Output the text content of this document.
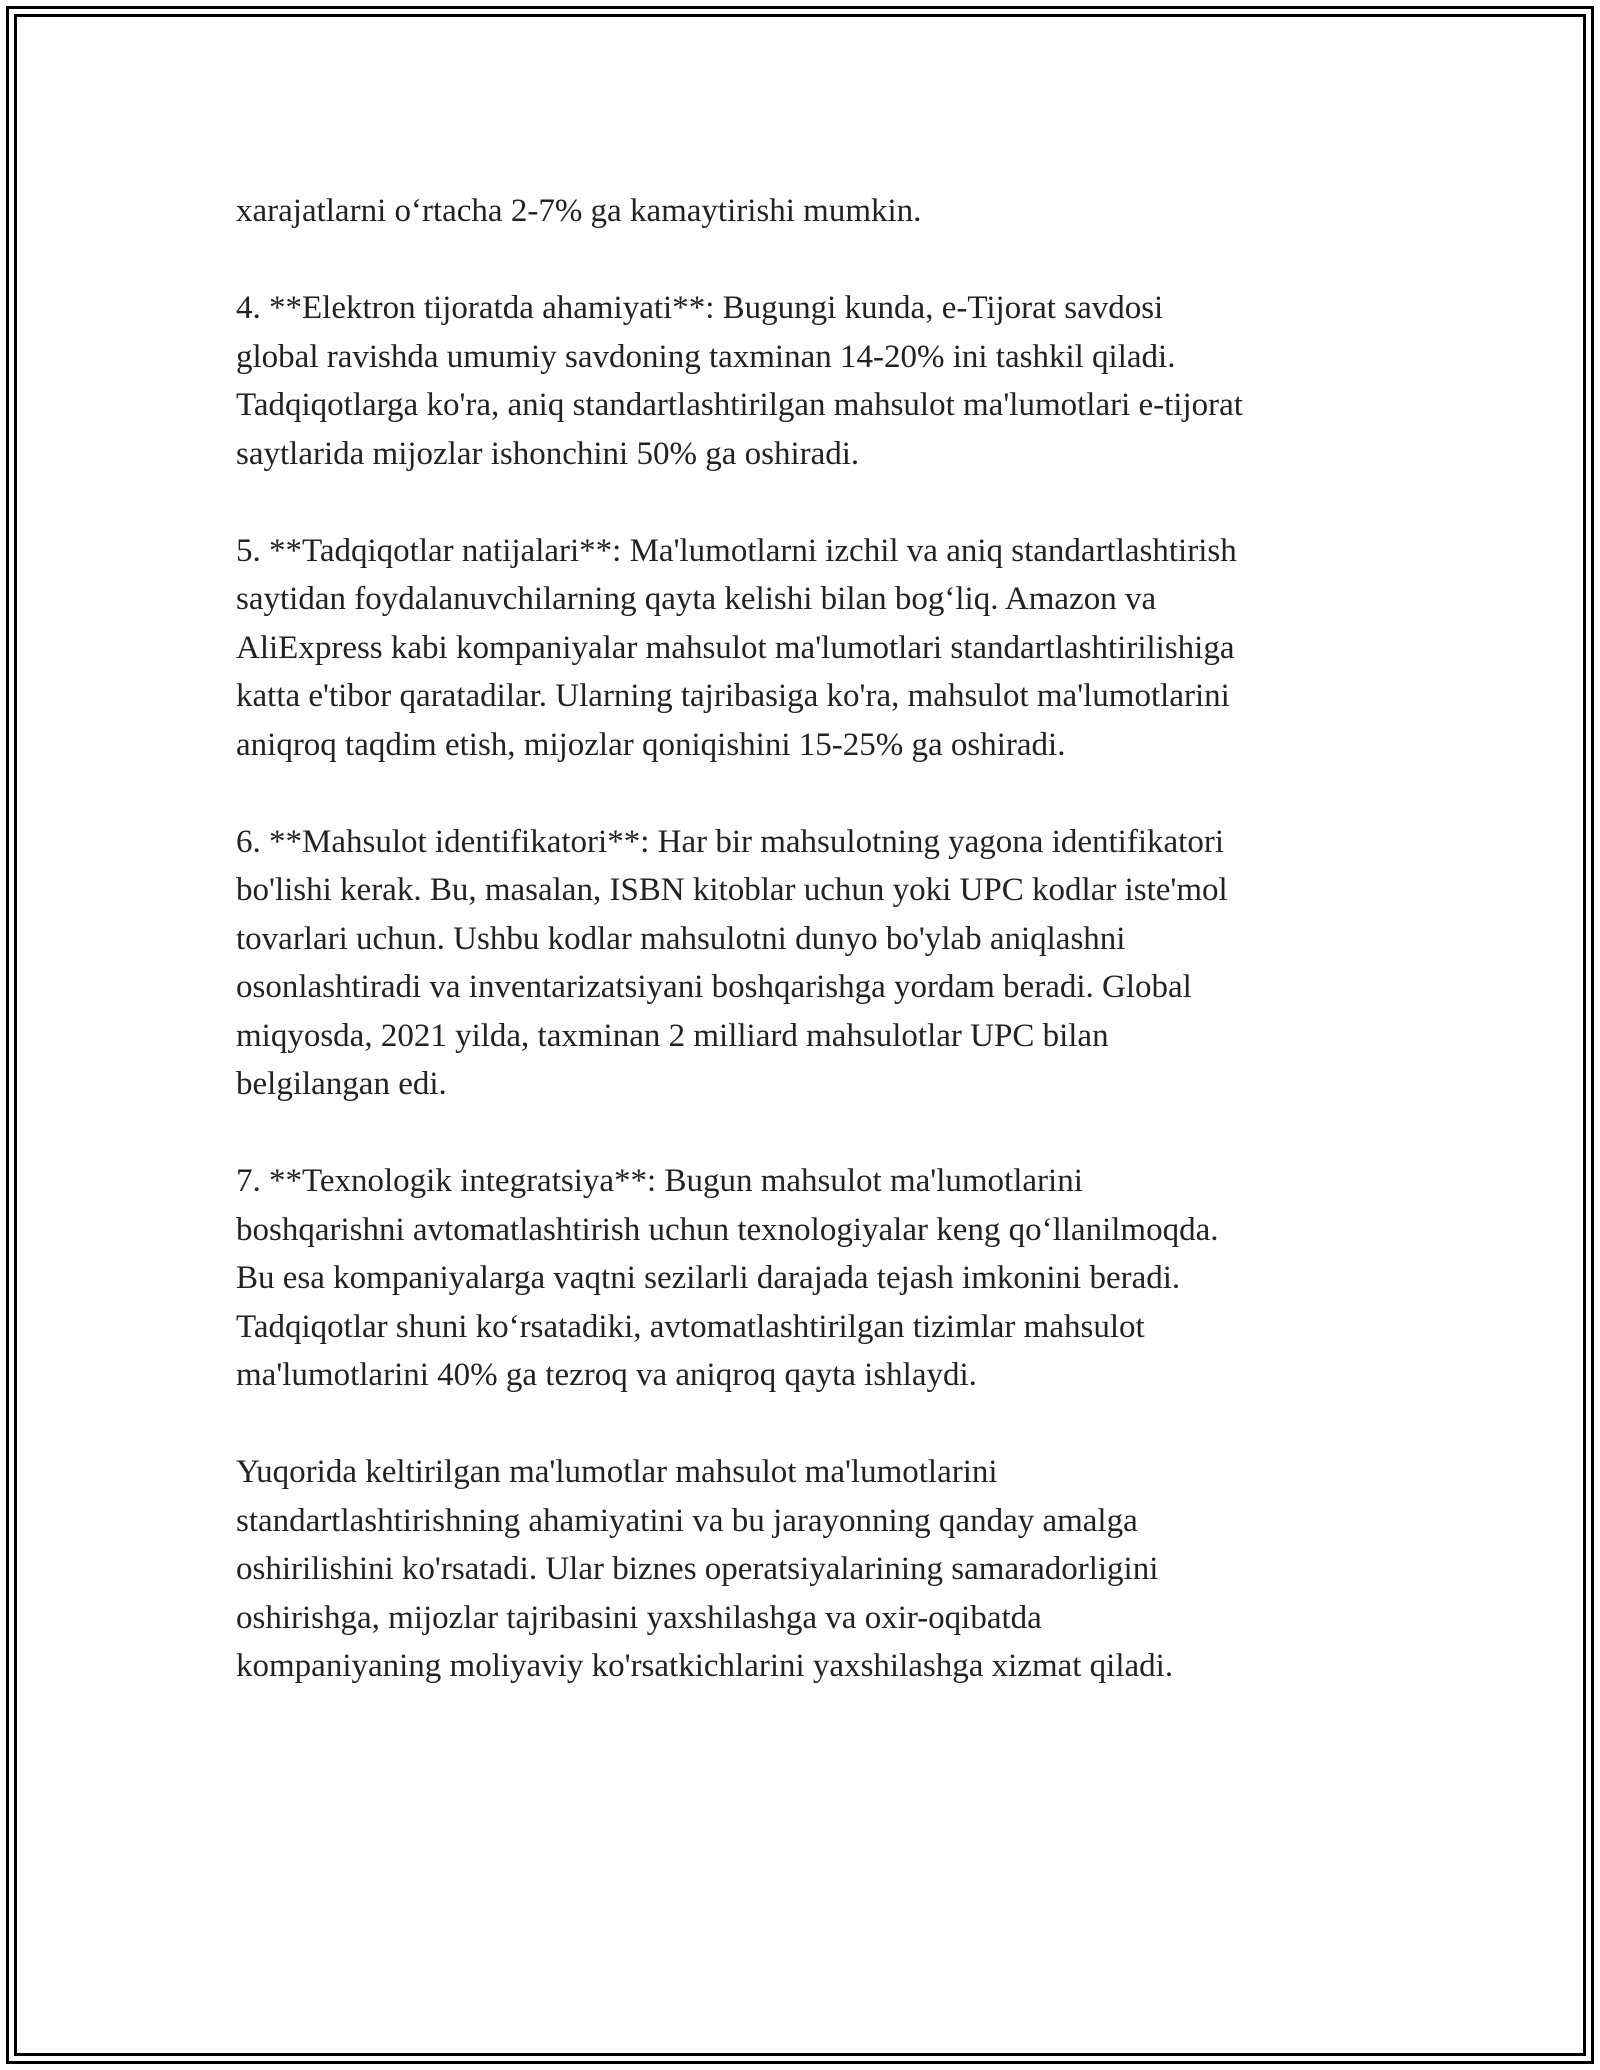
xarajatlarni o‘rtacha 2-7% ga kamaytirishi mumkin.

4. **Elektron tijoratda ahamiyati**: Bugungi kunda, e-Tijorat savdosi
global ravishda umumiy savdoning taxminan 14-20% ini tashkil qiladi.
Tadqiqotlarga ko'ra, aniq standartlashtirilgan mahsulot ma'lumotlari e-tijorat
saytlarida mijozlar ishonchini 50% ga oshiradi.

5. **Tadqiqotlar natijalari**: Ma'lumotlarni izchil va aniq standartlashtirish
saytidan foydalanuvchilarning qayta kelishi bilan bog‘liq. Amazon va
AliExpress kabi kompaniyalar mahsulot ma'lumotlari standartlashtirilishiga
katta e'tibor qaratadilar. Ularning tajribasiga ko'ra, mahsulot ma'lumotlarini
aniqroq taqdim etish, mijozlar qoniqishini 15-25% ga oshiradi.

6. **Mahsulot identifikatori**: Har bir mahsulotning yagona identifikatori
bo'lishi kerak. Bu, masalan, ISBN kitoblar uchun yoki UPC kodlar iste'mol
tovarlari uchun. Ushbu kodlar mahsulotni dunyo bo'ylab aniqlashni
osonlashtiradi va inventarizatsiyani boshqarishga yordam beradi. Global
miqyosda, 2021 yilda, taxminan 2 milliard mahsulotlar UPC bilan
belgilangan edi.

7. **Texnologik integratsiya**: Bugun mahsulot ma'lumotlarini
boshqarishni avtomatlashtirish uchun texnologiyalar keng qo‘llanilmoqda.
Bu esa kompaniyalarga vaqtni sezilarli darajada tejash imkonini beradi.
Tadqiqotlar shuni ko‘rsatadiki, avtomatlashtirilgan tizimlar mahsulot
ma'lumotlarini 40% ga tezroq va aniqroq qayta ishlaydi.

Yuqorida keltirilgan ma'lumotlar mahsulot ma'lumotlarini
standartlashtirishning ahamiyatini va bu jarayonning qanday amalga
oshirilishini ko'rsatadi. Ular biznes operatsiyalarining samaradorligini
oshirishga, mijozlar tajribasini yaxshilashga va oxir-oqibatda
kompaniyaning moliyaviy ko'rsatkichlarini yaxshilashga xizmat qiladi.
